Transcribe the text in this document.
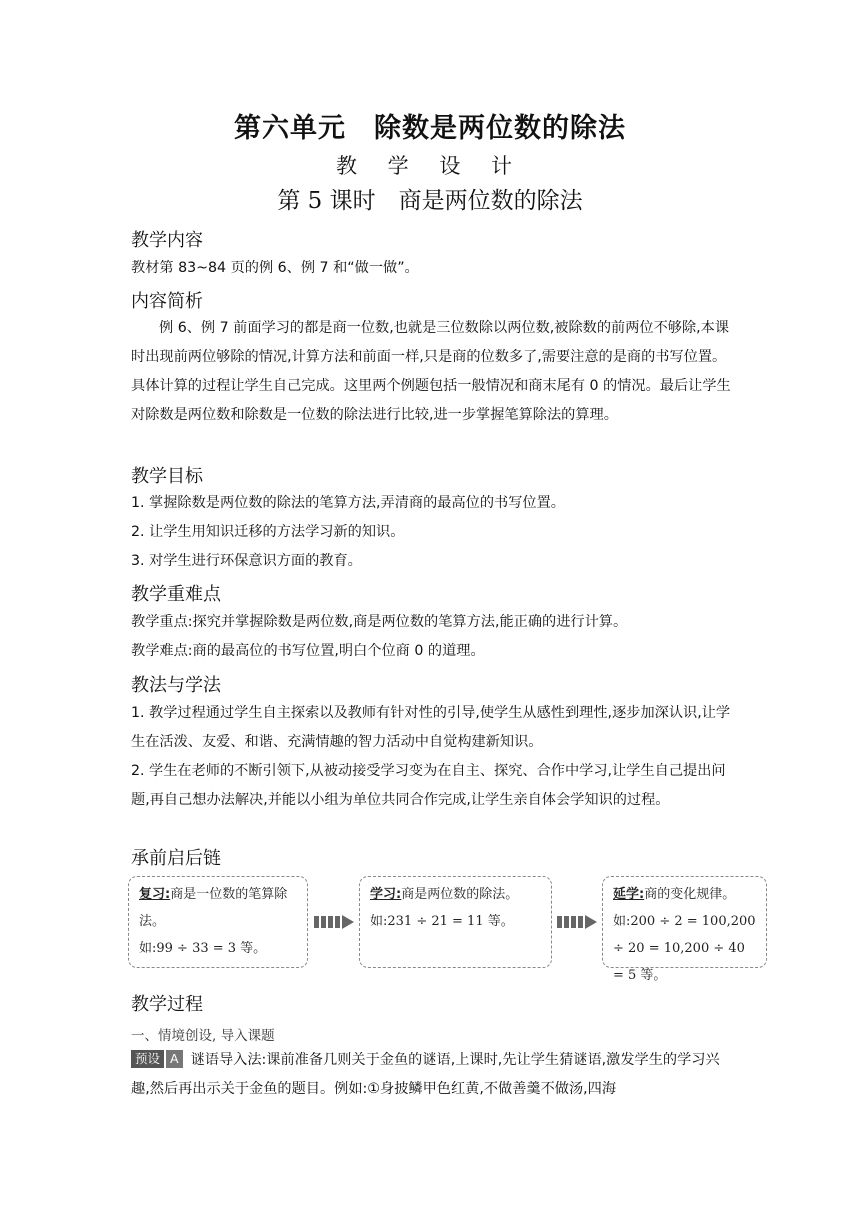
第六单元　除数是两位数的除法
教 学 设 计
第 5 课时　商是两位数的除法
教学内容
教材第 83~84 页的例 6、例 7 和“做一做”。
内容简析
例 6、例 7 前面学习的都是商一位数,也就是三位数除以两位数,被除数的前两位不够除,本课时出现前两位够除的情况,计算方法和前面一样,只是商的位数多了,需要注意的是商的书写位置。具体计算的过程让学生自己完成。这里两个例题包括一般情况和商末尾有 0 的情况。最后让学生对除数是两位数和除数是一位数的除法进行比较,进一步掌握笔算除法的算理。
教学目标
1. 掌握除数是两位数的除法的笔算方法,弄清商的最高位的书写位置。
2. 让学生用知识迁移的方法学习新的知识。
3. 对学生进行环保意识方面的教育。
教学重难点
教学重点:探究并掌握除数是两位数,商是两位数的笔算方法,能正确的进行计算。
教学难点:商的最高位的书写位置,明白个位商 0 的道理。
教法与学法
1. 教学过程通过学生自主探索以及教师有针对性的引导,使学生从感性到理性,逐步加深认识,让学生在活泼、友爱、和谐、充满情趣的智力活动中自觉构建新知识。
2. 学生在老师的不断引领下,从被动接受学习变为在自主、探究、合作中学习,让学生自己提出问题,再自己想办法解决,并能以小组为单位共同合作完成,让学生亲自体会学知识的过程。
承前启后链
复习:商是一位数的笔算除法。
如:99 ÷ 33 = 3 等。
学习:商是两位数的除法。
如:231 ÷ 21 = 11 等。
延学:商的变化规律。
如:200 ÷ 2 = 100,200 ÷ 20 = 10,200 ÷ 40 = 5 等。
教学过程
一、情境创设, 导入课题
预设 A 谜语导入法:课前准备几则关于金鱼的谜语,上课时,先让学生猜谜语,激发学生的学习兴趣,然后再出示关于金鱼的题目。例如:①身披鳞甲色红黄,不做善羹不做汤,四海
